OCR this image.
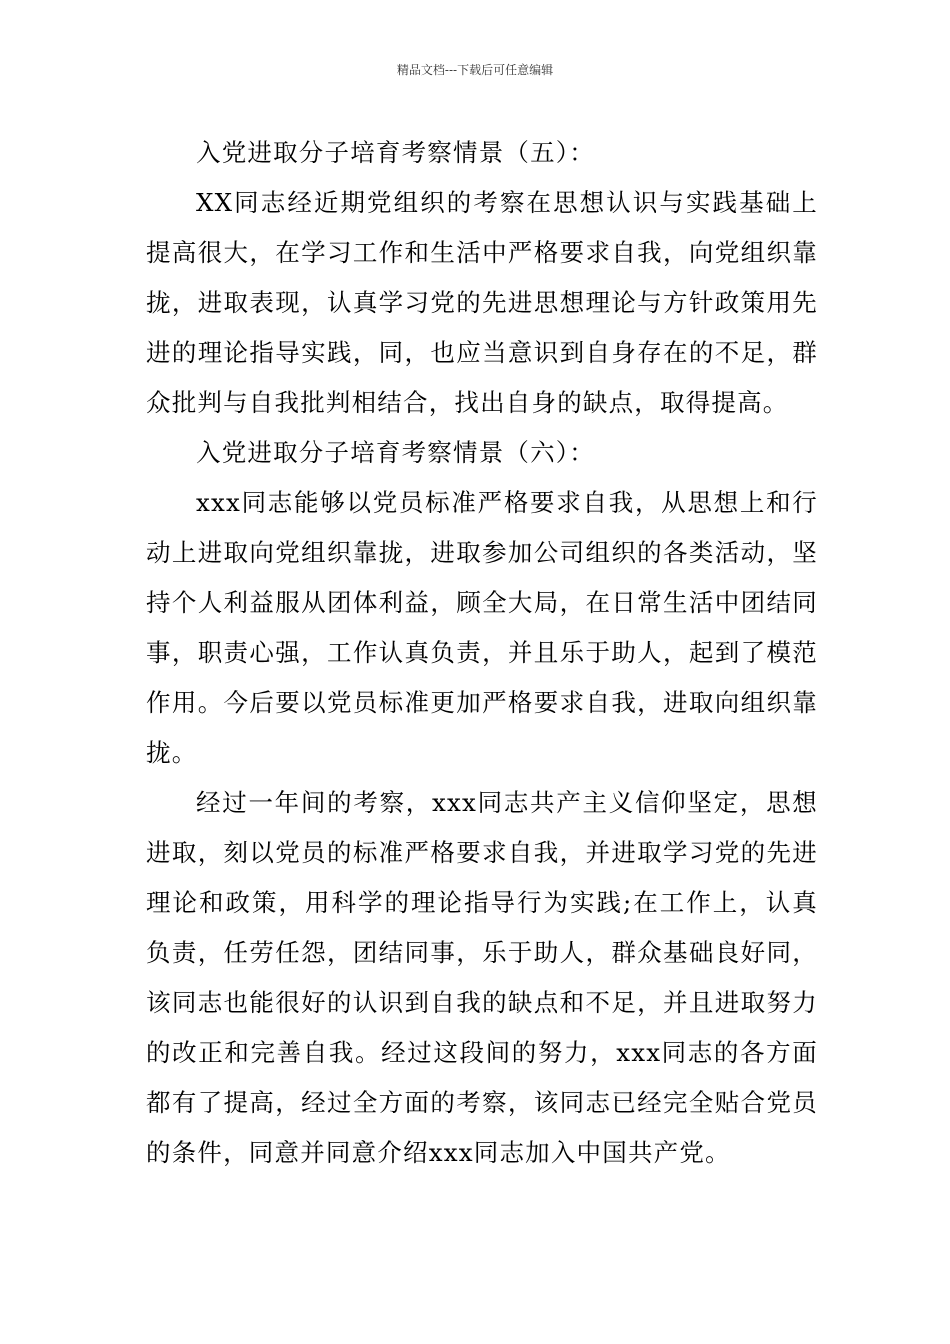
精品文档---下载后可任意编辑

入党进取分子培育考察情景（五）：

XX同志经近期党组织的考察在思想认识与实践基础上提高很大，在学习工作和生活中严格要求自我，向党组织靠拢，进取表现，认真学习党的先进思想理论与方针政策用先进的理论指导实践，同，也应当意识到自身存在的不足，群众批判与自我批判相结合，找出自身的缺点，取得提高。

入党进取分子培育考察情景（六）：

xxx同志能够以党员标准严格要求自我，从思想上和行动上进取向党组织靠拢，进取参加公司组织的各类活动，坚持个人利益服从团体利益，顾全大局，在日常生活中团结同事，职责心强，工作认真负责，并且乐于助人，起到了模范作用。今后要以党员标准更加严格要求自我，进取向组织靠拢。

经过一年间的考察，xxx同志共产主义信仰坚定，思想进取，刻以党员的标准严格要求自我，并进取学习党的先进理论和政策，用科学的理论指导行为实践;在工作上，认真负责，任劳任怨，团结同事，乐于助人，群众基础良好同，该同志也能很好的认识到自我的缺点和不足，并且进取努力的改正和完善自我。经过这段间的努力，xxx同志的各方面都有了提高，经过全方面的考察，该同志已经完全贴合党员的条件，同意并同意介绍xxx同志加入中国共产党。
